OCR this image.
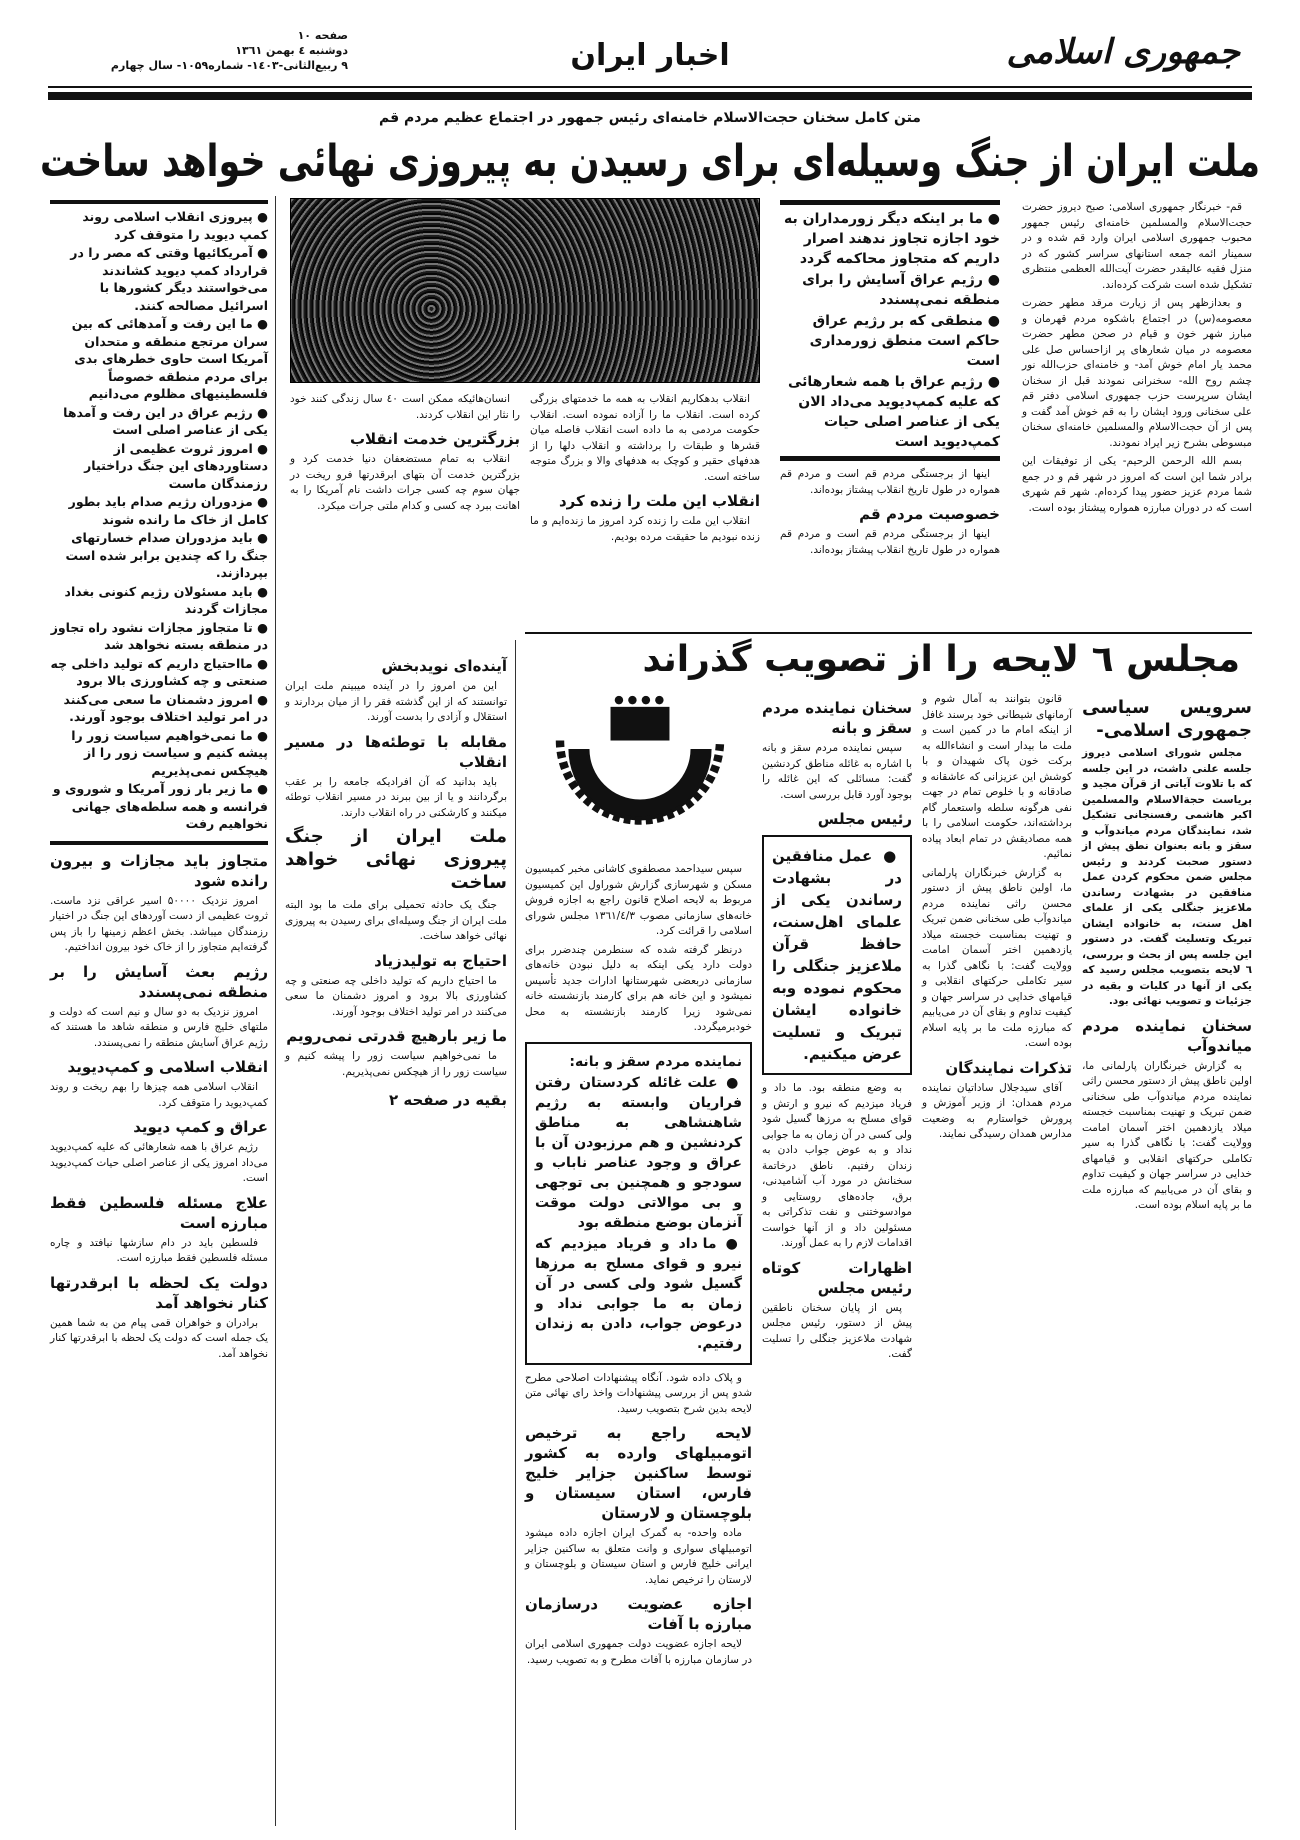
جمهوری اسلامی
اخبار ایران
صفحه ۱۰
دوشنبه ٤ بهمن ۱۳٦۱
۹ ربیع‌الثانی-۱٤۰۳- شماره۱۰۵۹- سال چهارم
متن کامل سخنان حجت‌الاسلام خامنه‌ای رئیس جمهور در اجتماع عظیم مردم قم
ملت ایران از جنگ وسیله‌ای برای رسیدن به پیروزی نهائی خواهد ساخت

قم- خبرنگار جمهوری اسلامی: صبح دیروز حضرت حجت‌الاسلام والمسلمین خامنه‌ای رئیس جمهور محبوب جمهوری اسلامی ایران وارد قم شده و در سمینار ائمه جمعه استانهای سراسر کشور که در منزل فقیه عالیقدر حضرت آیت‌الله العظمی منتظری تشکیل شده است شرکت کرده‌اند.

و بعدازظهر پس از زیارت مرقد مطهر حضرت معصومه(س) در اجتماع باشکوه مردم قهرمان و مبارز شهر خون و قیام در صحن مطهر حضرت معصومه در میان شعارهای پر ازاحساس صل علی محمد یار امام خوش آمد- و خامنه‌ای حزب‌الله نور چشم روح الله- سخنرانی نمودند قبل از سخنان ایشان سرپرست حزب جمهوری اسلامی دفتر قم علی سخنانی ورود ایشان را به قم خوش آمد گفت و پس از آن حجت‌الاسلام والمسلمین خامنه‌ای سخنان مبسوطی بشرح زیر ایراد نمودند.

بسم الله الرحمن الرحیم- یکی از توفیقات این برادر شما این است که امروز در شهر قم و در جمع شما مردم عزیز حضور پیدا کرده‌ام. شهر قم شهری است که در دوران مبارزه همواره پیشتاز بوده است.

● ما بر اینکه دیگر زورمداران به خود اجازه تجاوز ندهند اصرار داریم که متجاوز محاکمه گردد
● رژیم عراق آسایش را برای منطقه نمی‌پسندد
● منطقی که بر رژیم عراق حاکم است منطق زورمداری است
● رژیم عراق با همه شعارهائی که علیه کمپ‌دیوید می‌داد الان یکی از عناصر اصلی حیات کمپ‌دیوید است

اینها از برجستگی مردم قم است و مردم قم همواره در طول تاریخ انقلاب پیشتاز بوده‌اند.

خصوصیت مردم قم

اینها از برجستگی مردم قم است و مردم قم همواره در طول تاریخ انقلاب پیشتاز بوده‌اند.

انقلاب بدهکاریم انقلاب به همه ما خدمتهای بزرگی کرده است. انقلاب ما را آزاده نموده است. انقلاب حکومت مردمی به ما داده است انقلاب فاصله میان قشرها و طبقات را برداشته و انقلاب دلها را از هدفهای حقیر و کوچک به هدفهای والا و بزرگ متوجه ساخته است.

انقلاب این ملت را زنده کرد

انقلاب این ملت را زنده کرد امروز ما زنده‌ایم و ما زنده نبودیم ما حقیقت مرده بودیم.

انسان‌هائیکه ممکن است ٤۰ سال زندگی کنند خود را نثار این انقلاب کردند.

بزرگترین خدمت انقلاب

انقلاب به تمام مستضعفان دنیا خدمت کرد و بزرگترین خدمت آن بتهای ابرقدرتها فرو ریخت در جهان سوم چه کسی جرات داشت نام آمریکا را به اهانت ببرد چه کسی و کدام ملتی جرات میکرد.

● پیروزی انقلاب اسلامی روند کمپ دیوید را متوقف کرد
● آمریکائیها وقتی که مصر را در قرارداد کمپ دیوید کشاندند می‌خواستند دیگر کشورها با اسرائیل مصالحه کنند.
● ما این رفت و آمدهائی که بین سران مرتجع منطقه و متحدان آمریکا است حاوی خطرهای بدی برای مردم منطقه خصوصاً فلسطینیهای مظلوم می‌دانیم
● رژیم عراق در این رفت و آمدها یکی از عناصر اصلی است
● امروز ثروت عظیمی از دستاوردهای این جنگ دراختیار رزمندگان ماست
● مزدوران رژیم صدام باید بطور کامل از خاک ما رانده شوند
● باید مزدوران صدام خسارتهای جنگ را که چندین برابر شده است بپردازند.
● باید مسئولان رژیم کنونی بغداد مجازات گردند
● تا متجاوز مجازات نشود راه تجاوز در منطقه بسته نخواهد شد
● مااحتیاج داریم که تولید داخلی چه صنعتی و چه کشاورزی بالا برود
● امروز دشمنان ما سعی می‌کنند در امر تولید اختلاف بوجود آورند.
● ما نمی‌خواهیم سیاست زور را پیشه کنیم و سیاست زور را از هیچکس نمی‌پذیریم
● ما زیر بار زور آمریکا و شوروی و فرانسه و همه سلطه‌های جهانی نخواهیم رفت
متجاوز باید مجازات و بیرون رانده شود

امروز نزدیک ۵۰۰۰۰ اسیر عراقی نزد ماست. ثروت عظیمی از دست آوردهای این جنگ در اختیار رزمندگان میباشد. بخش اعظم زمینها را باز پس گرفته‌ایم متجاوز را از خاک خود بیرون انداختیم.

رژیم بعث آسایش را بر منطقه نمی‌پسندد

امروز نزدیک به دو سال و نیم است که دولت و ملتهای خلیج فارس و منطقه شاهد ما هستند که رژیم عراق آسایش منطقه را نمی‌پسندد.

انقلاب اسلامی و کمپ‌دیوید

انقلاب اسلامی همه چیزها را بهم ریخت و روند کمپ‌دیوید را متوقف کرد.

عراق و کمپ دیوید

رژیم عراق با همه شعارهائی که علیه کمپ‌دیوید می‌داد امروز یکی از عناصر اصلی حیات کمپ‌دیوید است.

علاج مسئله فلسطین فقط مبارزه است

فلسطین باید در دام سازشها نیافتد و چاره مسئله فلسطین فقط مبارزه است.

دولت یک لحظه با ابرقدرتها کنار نخواهد آمد

برادران و خواهران قمی پیام من به شما همین یک جمله است که دولت یک لحظه با ابرقدرتها کنار نخواهد آمد.

آینده‌ای نویدبخش

این من امروز را در آینده میبینم ملت ایران توانستند که از این گذشته فقر را از میان بردارند و استقلال و آزادی را بدست آورند.

مقابله با توطئه‌ها در مسیر انقلاب

باید بدانید که آن افرادیکه جامعه را بر عقب برگردانند و یا از بین ببرند در مسیر انقلاب توطئه میکنند و کارشکنی در راه انقلاب دارند.

ملت ایران از جنگ پیروزی نهائی خواهد ساخت

جنگ یک حادثه تحمیلی برای ملت ما بود البته ملت ایران از جنگ وسیله‌ای برای رسیدن به پیروزی نهائی خواهد ساخت.

احتیاج به تولیدزیاد

ما احتیاج داریم که تولید داخلی چه صنعتی و چه کشاورزی بالا برود و امروز دشمنان ما سعی می‌کنند در امر تولید اختلاف بوجود آورند.

ما زیر بارهیچ قدرتی نمی‌رویم

ما نمی‌خواهیم سیاست زور را پیشه کنیم و سیاست زور را از هیچکس نمی‌پذیریم.

بقیه در صفحه ۲
مجلس ٦ لایحه را از تصویب گذراند
سرویس سیاسی جمهوری اسلامی-

مجلس شورای اسلامی دیروز جلسه علنی داشت، در این جلسه که با تلاوت آیاتی از قرآن مجید و بریاست حجة‌الاسلام والمسلمین اکبر هاشمی رفسنجانی تشکیل شد، نمایندگان مردم میاندوآب و سقز و بانه بعنوان نطق پیش از دستور صحبت کردند و رئیس مجلس ضمن محکوم کردن عمل منافقین در بشهادت رساندن ملاعزیز جنگلی یکی از علمای اهل سنت، به خانواده ایشان تبریک وتسلیت گفت. در دستور این جلسه پس از بحث و بررسی، ٦ لایحه بتصویب مجلس رسید که یکی از آنها در کلیات و بقیه در جزئیات و تصویب نهائی بود.

سخنان نماینده مردم میاندوآب

به گزارش خبرنگاران پارلمانی ما، اولین ناطق پیش از دستور محسن راثی نماینده مردم میاندوآب طی سخنانی ضمن تبریک و تهنیت بمناسبت خجسته میلاد یازدهمین اختر آسمان امامت وولایت گفت: با نگاهی گذرا به سیر تکاملی حرکتهای انقلابی و قیامهای خدایی در سراسر جهان و کیفیت تداوم و بقای آن در می‌یابیم که مبارزه ملت ما بر پایه اسلام بوده است.

قانون بتوانند به آمال شوم و آرمانهای شیطانی خود برسند غافل از اینکه امام ما در کمین است و ملت ما بیدار است و انشاءالله به برکت خون پاک شهیدان و با کوشش این عزیزانی که عاشقانه و صادقانه و با خلوص تمام در جهت نفی هرگونه سلطه واستعمار گام برداشته‌اند، حکومت اسلامی را با همه مصادیقش در تمام ابعاد پیاده نمائیم.

به گزارش خبرنگاران پارلمانی ما، اولین ناطق پیش از دستور محسن راثی نماینده مردم میاندوآب طی سخنانی ضمن تبریک و تهنیت بمناسبت خجسته میلاد یازدهمین اختر آسمان امامت وولایت گفت: با نگاهی گذرا به سیر تکاملی حرکتهای انقلابی و قیامهای خدایی در سراسر جهان و کیفیت تداوم و بقای آن در می‌یابیم که مبارزه ملت ما بر پایه اسلام بوده است.

تذکرات نمایندگان

آقای سیدجلال ساداتیان نماینده مردم همدان: از وزیر آموزش و پرورش خواستارم به وضعیت مدارس همدان رسیدگی نمایند.

سخنان نماینده مردم سقز و بانه

سپس نماینده مردم سقز و بانه با اشاره به غائله مناطق کردنشین گفت: مسائلی که این غائله را بوجود آورد قابل بررسی است.

رئیس مجلس
● عمل منافقین در بشهادت رساندن یکی از علمای اهل‌سنت، حافظ قرآن ملاعزیز جنگلی را محکوم نموده وبه خانواده ایشان تبریک و تسلیت عرض میکنیم.

به وضع منطقه بود. ما داد و فریاد میزدیم که نیرو و ارتش و قوای مسلح به مرزها گسیل شود ولی کسی در آن زمان به ما جوابی نداد و به عوض جواب دادن به زندان رفتیم. ناطق درخاتمة سخنانش در مورد آب آشامیدنی، برق، جاده‌های روستایی و موادسوختنی و نفت تذکراتی به مسئولین داد و از آنها خواست اقدامات لازم را به عمل آورند.

اظهارات کوتاه رئیس مجلس

پس از پایان سخنان ناطقین پیش از دستور، رئیس مجلس شهادت ملاعزیز جنگلی را تسلیت گفت.

سپس سیداحمد مصطفوی کاشانی مخبر کمیسیون مسکن و شهرسازی گزارش شوراول این کمیسیون مربوط به لایحه اصلاح قانون راجع به اجازه فروش خانه‌های سازمانی مصوب ۱۳٦۱/٤/۳ مجلس شورای اسلامی را قرائت کرد.

درنظر گرفته شده که سنطرمن چندضرر برای دولت دارد یکی اینکه به دلیل نبودن خانه‌های سازمانی دربعضی شهرستانها ادارات جدید تأسیس نمیشود و این خانه هم برای کارمند بازنشسته خانه نمی‌شود زیرا کارمند بازنشسته به محل خودبرمیگردد.

نماینده مردم سقز و بانه:
● علت غائله کردستان رفتن فراریان وابسته به رژیم شاهنشاهی به مناطق کردنشین و هم مرزبودن آن با عراق و وجود عناصر ناباب و سودجو و همچنین بی توجهی و بی موالاتی دولت موقت آنزمان بوضع منطقه بود
● ما داد و فریاد میزدیم که نیرو و قوای مسلح به مرزها گسیل شود ولی کسی در آن زمان به ما جوابی نداد و درعوض جواب، دادن به زندان رفتیم.

و پلاک داده شود. آنگاه پیشنهادات اصلاحی مطرح شدو پس از بررسی پیشنهادات واخذ رای نهائی متن لایحه بدین شرح بتصویب رسید.

لایحه راجع به ترخیص اتومبیلهای وارده به کشور توسط ساکنین جزایر خلیج فارس، استان سیستان و بلوچستان و لارستان

ماده واحده- به گمرک ایران اجازه داده میشود اتومبیلهای سواری و وانت متعلق به ساکنین جزایر ایرانی خلیج فارس و استان سیستان و بلوچستان و لارستان را ترخیص نماید.

اجازه عضویت درسازمان مبارزه با آفات

لایحه اجازه عضویت دولت جمهوری اسلامی ایران در سازمان مبارزه با آفات مطرح و به تصویب رسید.
